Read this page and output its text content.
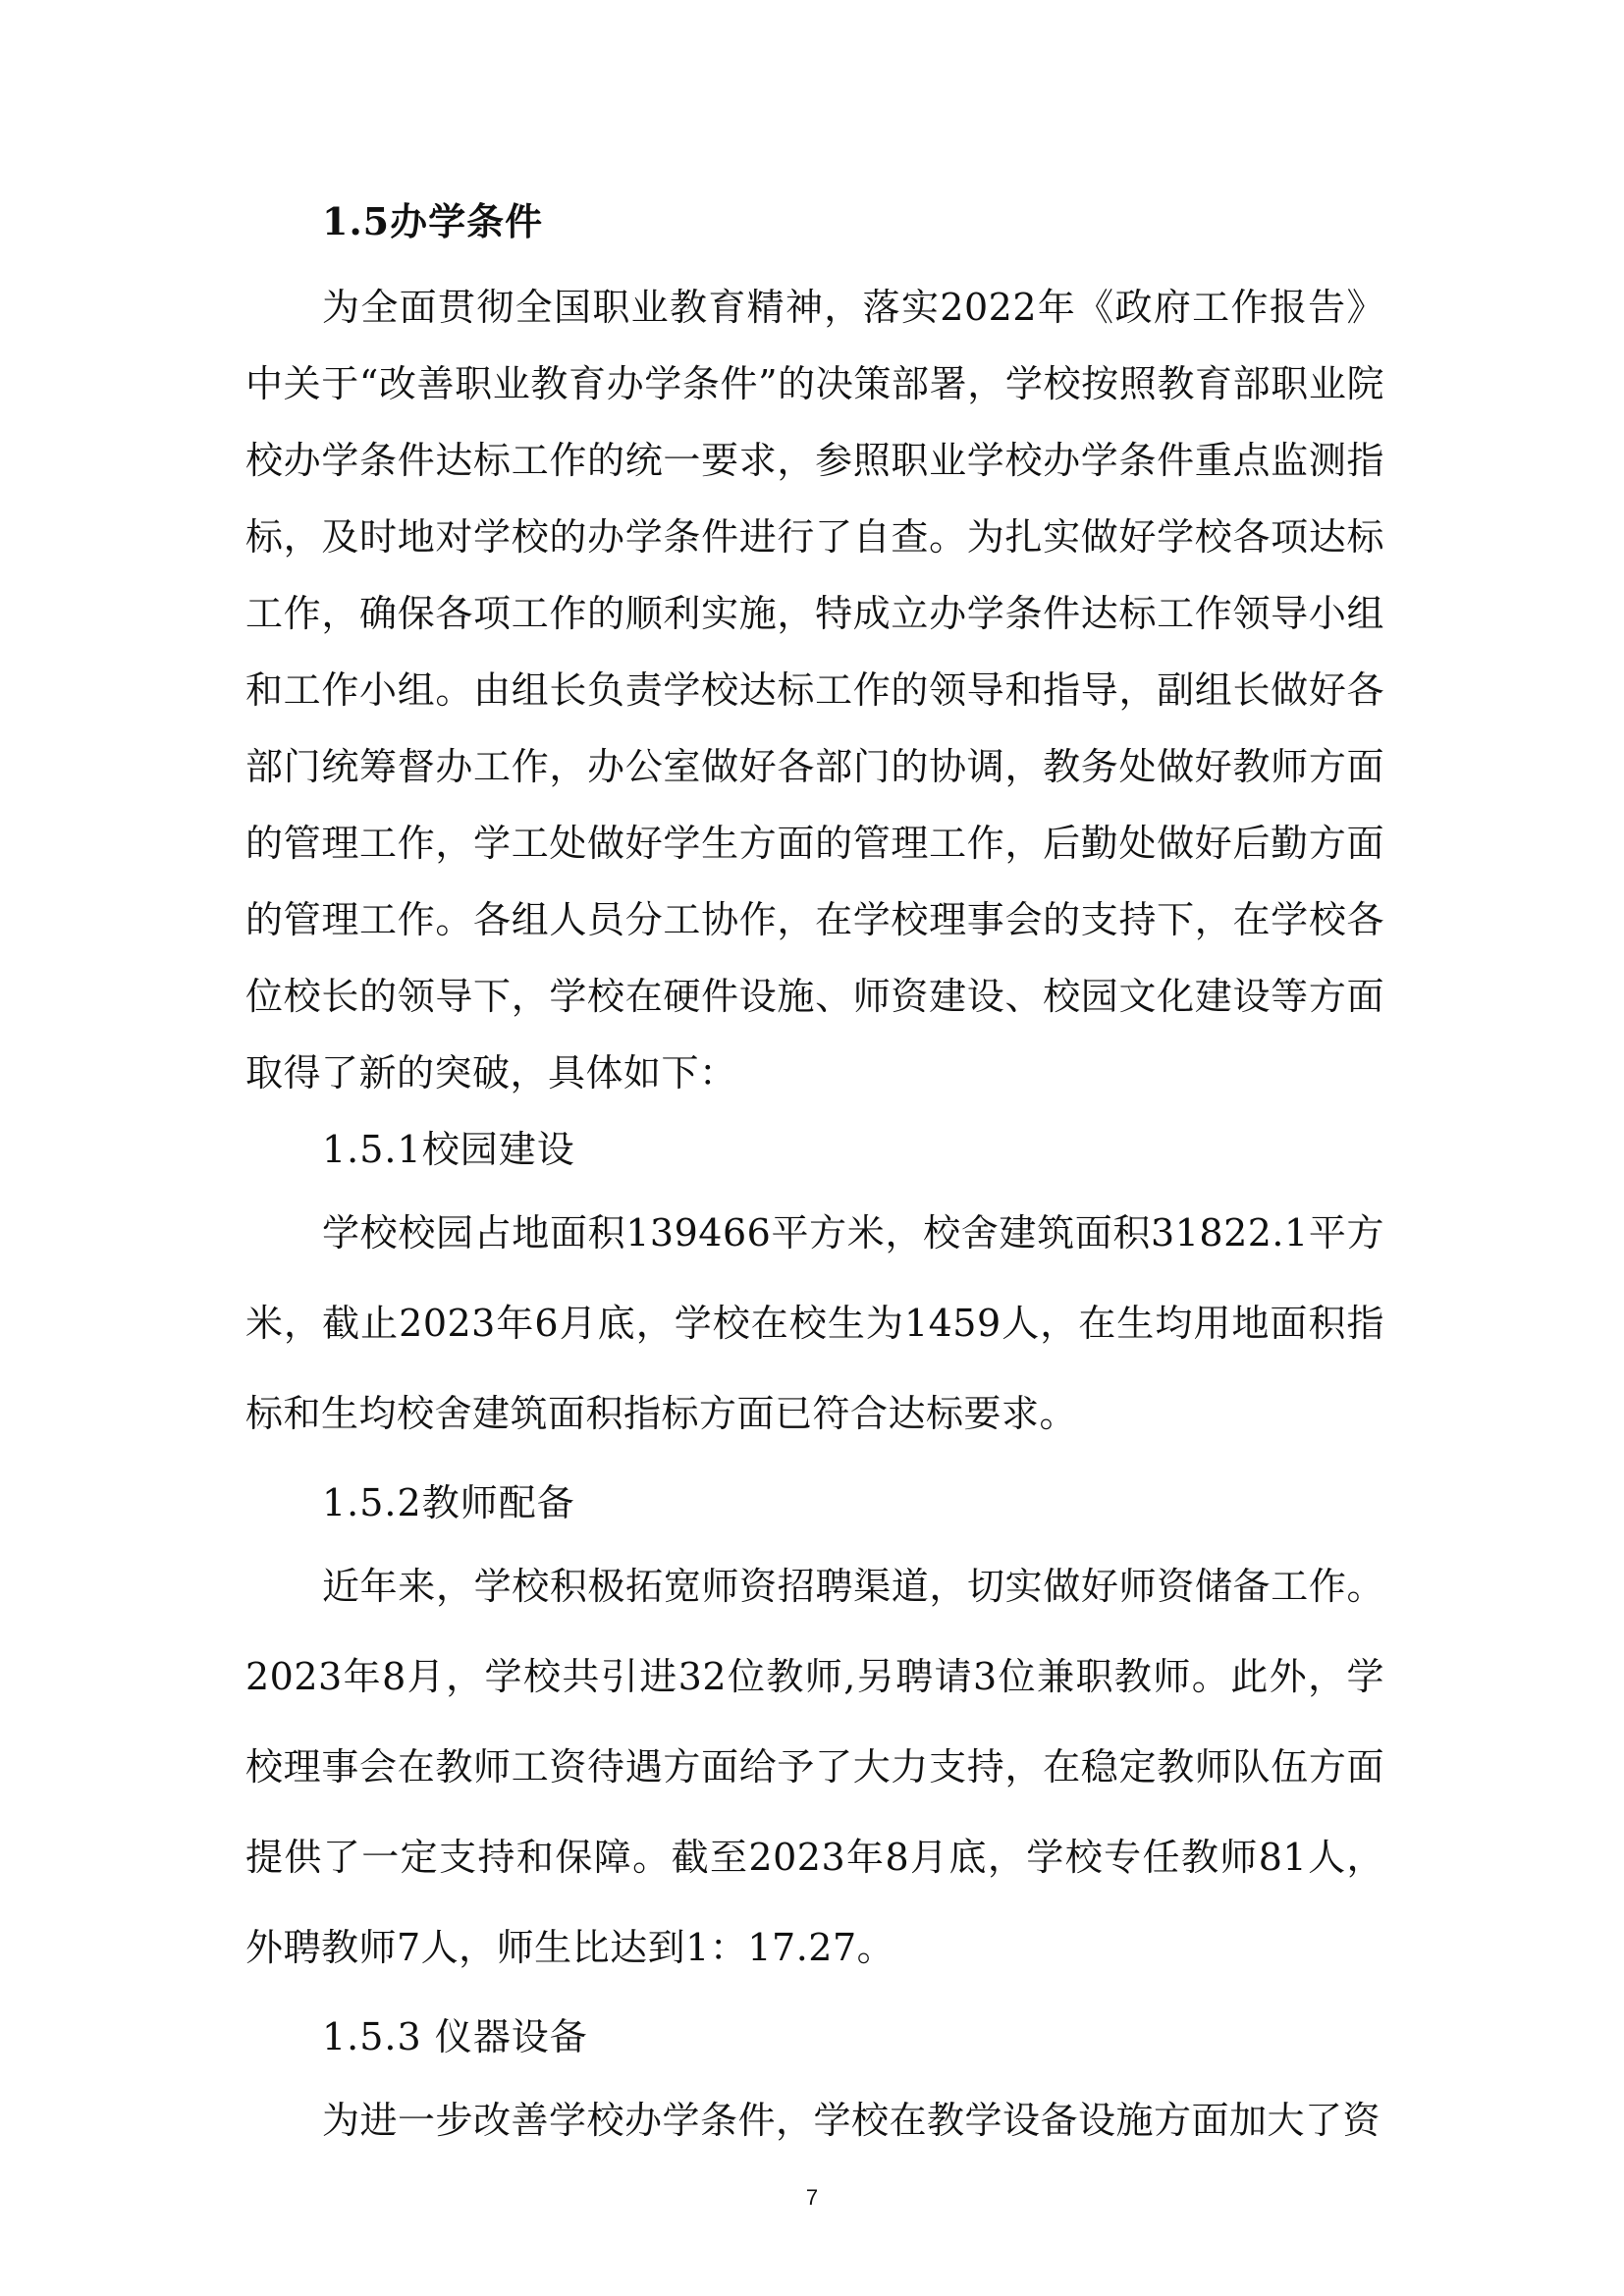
1.5办学条件

为全面贯彻全国职业教育精神，落实2022年《政府工作报告》中关于“改善职业教育办学条件”的决策部署，学校按照教育部职业院校办学条件达标工作的统一要求，参照职业学校办学条件重点监测指标，及时地对学校的办学条件进行了自查。为扎实做好学校各项达标工作，确保各项工作的顺利实施，特成立办学条件达标工作领导小组和工作小组。由组长负责学校达标工作的领导和指导，副组长做好各部门统筹督办工作，办公室做好各部门的协调，教务处做好教师方面的管理工作，学工处做好学生方面的管理工作，后勤处做好后勤方面的管理工作。各组人员分工协作，在学校理事会的支持下，在学校各位校长的领导下，学校在硬件设施、师资建设、校园文化建设等方面取得了新的突破，具体如下：

1.5.1校园建设

学校校园占地面积139466平方米，校舍建筑面积31822.1平方米，截止2023年6月底，学校在校生为1459人，在生均用地面积指标和生均校舍建筑面积指标方面已符合达标要求。

1.5.2教师配备

近年来，学校积极拓宽师资招聘渠道，切实做好师资储备工作。2023年8月，学校共引进32位教师,另聘请3位兼职教师。此外，学校理事会在教师工资待遇方面给予了大力支持，在稳定教师队伍方面提供了一定支持和保障。截至2023年8月底，学校专任教师81人，外聘教师7人，师生比达到1：17.27。

1.5.3 仪器设备

为进一步改善学校办学条件，学校在教学设备设施方面加大了资

7
